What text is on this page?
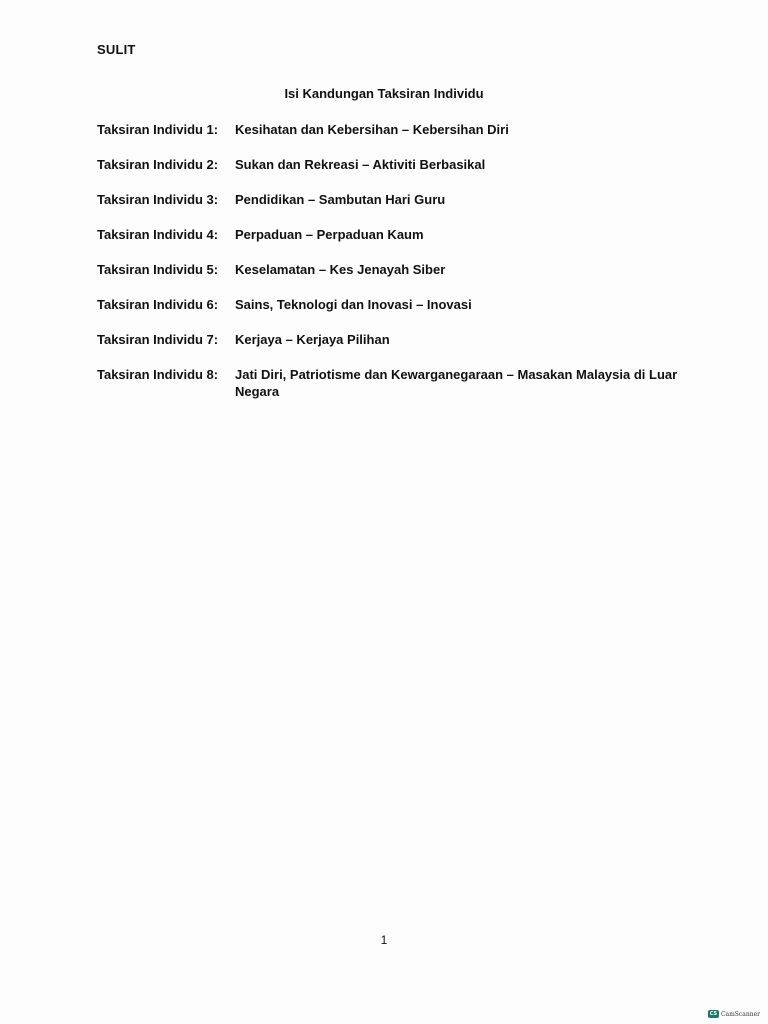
SULIT
Isi Kandungan Taksiran Individu
Taksiran Individu 1:	Kesihatan dan Kebersihan – Kebersihan Diri
Taksiran Individu 2:	Sukan dan Rekreasi – Aktiviti Berbasikal
Taksiran Individu 3:	Pendidikan – Sambutan Hari Guru
Taksiran Individu 4:	Perpaduan – Perpaduan Kaum
Taksiran Individu 5:	Keselamatan – Kes Jenayah Siber
Taksiran Individu 6:	Sains, Teknologi dan Inovasi – Inovasi
Taksiran Individu 7:	Kerjaya – Kerjaya Pilihan
Taksiran Individu 8:	Jati Diri, Patriotisme dan Kewarganegaraan – Masakan Malaysia di Luar Negara
1
CS CamScanner
